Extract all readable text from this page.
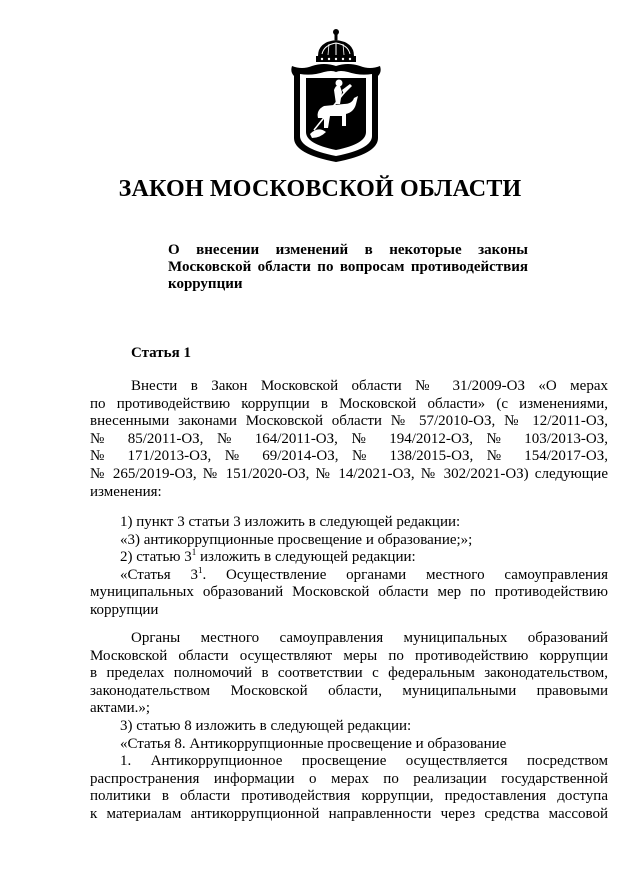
ЗАКОН МОСКОВСКОЙ ОБЛАСТИ
О внесении изменений в некоторые законы
Московской области по вопросам противодействия
коррупции
Статья 1
Внести в Закон Московской области № 31/2009-ОЗ «О мерах
по противодействию коррупции в Московской области» (с изменениями,
внесенными законами Московской области № 57/2010-ОЗ, № 12/2011-ОЗ,
№ 85/2011-ОЗ, № 164/2011-ОЗ, № 194/2012-ОЗ, № 103/2013-ОЗ,
№ 171/2013-ОЗ, № 69/2014-ОЗ, № 138/2015-ОЗ, № 154/2017-ОЗ,
№ 265/2019-ОЗ, № 151/2020-ОЗ, № 14/2021-ОЗ, № 302/2021-ОЗ) следующие
изменения:
1) пункт 3 статьи 3 изложить в следующей редакции:
«3) антикоррупционные просвещение и образование;»;
2) статью $3^1$ изложить в следующей редакции:
«Статья $3^1$. Осуществление органами местного самоуправления
муниципальных образований Московской области мер по противодействию
коррупции
Органы местного самоуправления муниципальных образований
Московской области осуществляют меры по противодействию коррупции
в пределах полномочий в соответствии с федеральным законодательством,
законодательством Московской области, муниципальными правовыми
актами.»;
3) статью 8 изложить в следующей редакции:
«Статья 8. Антикоррупционные просвещение и образование
1. Антикоррупционное просвещение осуществляется посредством
распространения информации о мерах по реализации государственной
политики в области противодействия коррупции, предоставления доступа
к материалам антикоррупционной направленности через средства массовой
